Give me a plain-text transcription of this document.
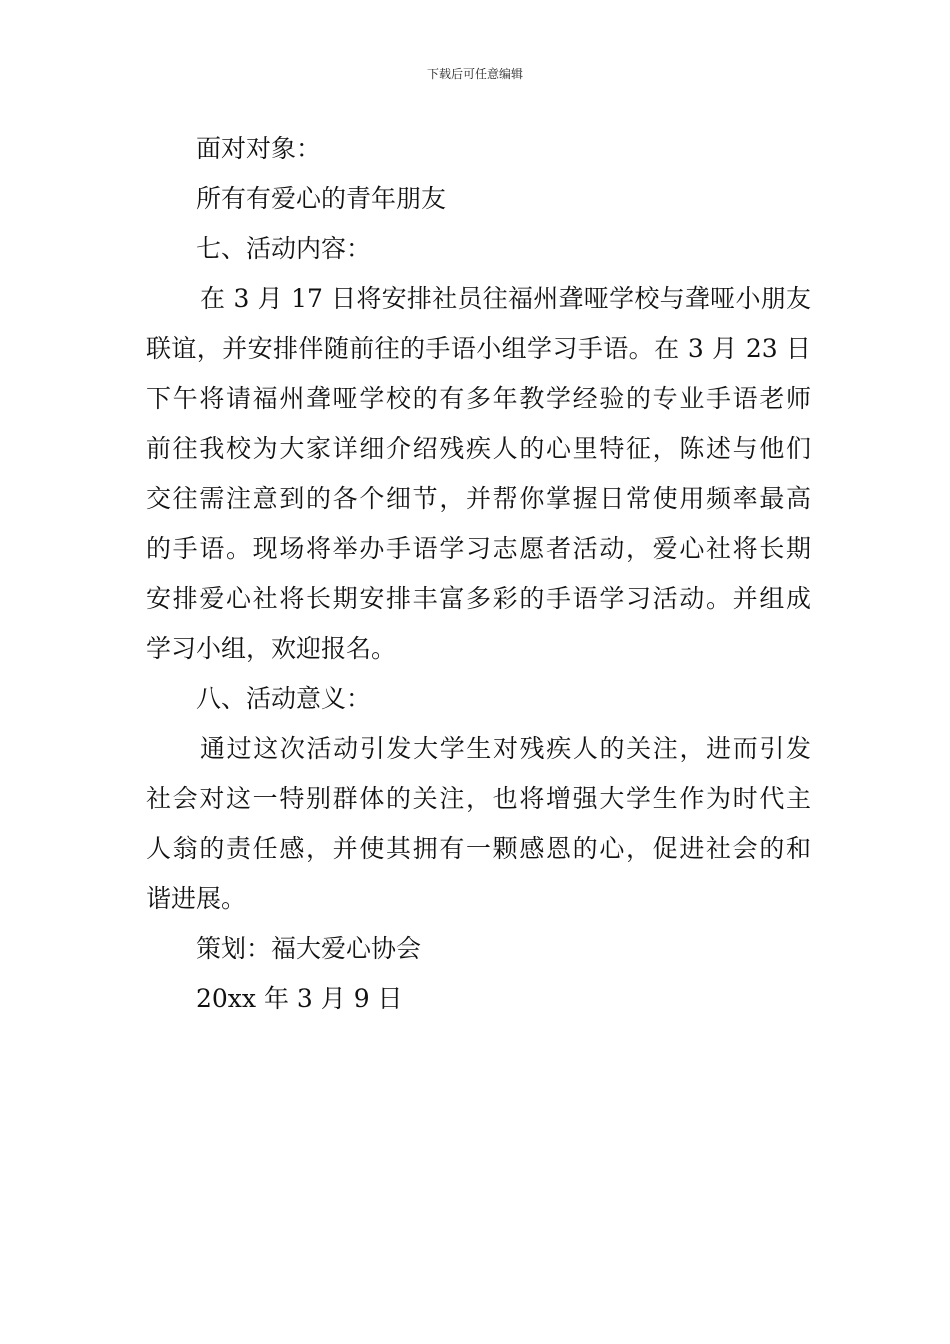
下载后可任意编辑
面对对象：
所有有爱心的青年朋友
七、活动内容：
在 3 月 17 日将安排社员往福州聋哑学校与聋哑小朋友
联谊，并安排伴随前往的手语小组学习手语。在 3 月 23 日
下午将请福州聋哑学校的有多年教学经验的专业手语老师
前往我校为大家详细介绍残疾人的心里特征，陈述与他们
交往需注意到的各个细节，并帮你掌握日常使用频率最高
的手语。现场将举办手语学习志愿者活动，爱心社将长期
安排爱心社将长期安排丰富多彩的手语学习活动。并组成
学习小组，欢迎报名。
八、活动意义：
通过这次活动引发大学生对残疾人的关注，进而引发
社会对这一特别群体的关注，也将增强大学生作为时代主
人翁的责任感，并使其拥有一颗感恩的心，促进社会的和
谐进展。
策划：福大爱心协会
20xx 年 3 月 9 日
